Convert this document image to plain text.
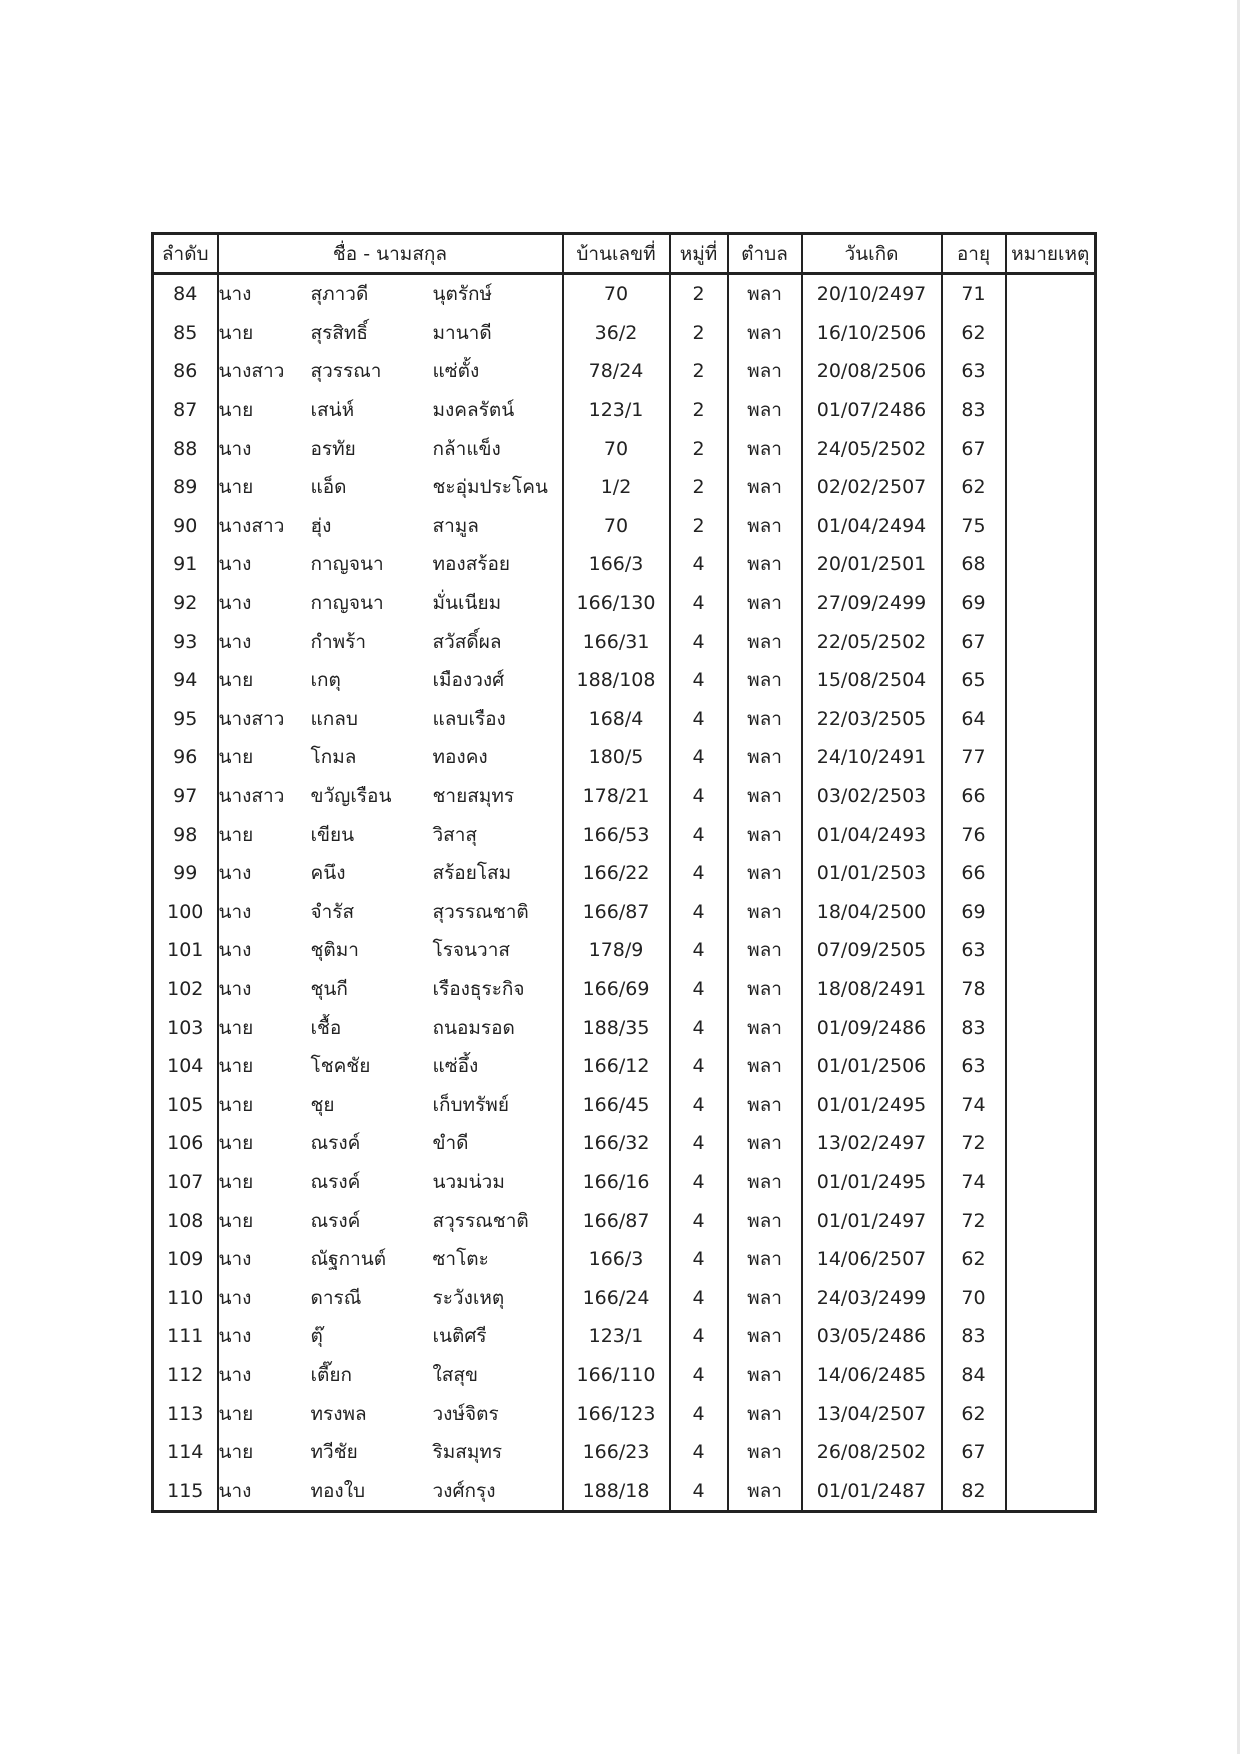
ลำดับ	ชื่อ - นามสกุล			บ้านเลขที่	หมู่ที่	ตำบล	วันเกิด	อายุ	หมายเหตุ
84	นาง	สุภาวดี	นุตรักษ์	70	2	พลา	20/10/2497	71	
85	นาย	สุรสิทธิ์	มานาดี	36/2	2	พลา	16/10/2506	62	
86	นางสาว	สุวรรณา	แซ่ตั้ง	78/24	2	พลา	20/08/2506	63	
87	นาย	เสน่ห์	มงคลรัตน์	123/1	2	พลา	01/07/2486	83	
88	นาง	อรทัย	กล้าแข็ง	70	2	พลา	24/05/2502	67	
89	นาย	แอ็ด	ชะอุ่มประโคน	1/2	2	พลา	02/02/2507	62	
90	นางสาว	ฮุ่ง	สามูล	70	2	พลา	01/04/2494	75	
91	นาง	กาญจนา	ทองสร้อย	166/3	4	พลา	20/01/2501	68	
92	นาง	กาญจนา	มั่นเนียม	166/130	4	พลา	27/09/2499	69	
93	นาง	กำพร้า	สวัสดิ์ผล	166/31	4	พลา	22/05/2502	67	
94	นาย	เกตุ	เมืองวงศ์	188/108	4	พลา	15/08/2504	65	
95	นางสาว	แกลบ	แลบเรือง	168/4	4	พลา	22/03/2505	64	
96	นาย	โกมล	ทองคง	180/5	4	พลา	24/10/2491	77	
97	นางสาว	ขวัญเรือน	ชายสมุทร	178/21	4	พลา	03/02/2503	66	
98	นาย	เขียน	วิสาสุ	166/53	4	พลา	01/04/2493	76	
99	นาง	คนึง	สร้อยโสม	166/22	4	พลา	01/01/2503	66	
100	นาง	จำรัส	สุวรรณชาติ	166/87	4	พลา	18/04/2500	69	
101	นาง	ชุติมา	โรจนวาส	178/9	4	พลา	07/09/2505	63	
102	นาง	ชุนกี	เรืองธุระกิจ	166/69	4	พลา	18/08/2491	78	
103	นาย	เชื้อ	ถนอมรอด	188/35	4	พลา	01/09/2486	83	
104	นาย	โชคชัย	แซ่อึ้ง	166/12	4	พลา	01/01/2506	63	
105	นาย	ชุย	เก็บทรัพย์	166/45	4	พลา	01/01/2495	74	
106	นาย	ณรงค์	ขำดี	166/32	4	พลา	13/02/2497	72	
107	นาย	ณรงค์	นวมน่วม	166/16	4	พลา	01/01/2495	74	
108	นาย	ณรงค์	สวุรรณชาติ	166/87	4	พลา	01/01/2497	72	
109	นาง	ณัฐกานต์	ซาโตะ	166/3	4	พลา	14/06/2507	62	
110	นาง	ดารณี	ระวังเหตุ	166/24	4	พลา	24/03/2499	70	
111	นาง	ตุ๊	เนติศรี	123/1	4	พลา	03/05/2486	83	
112	นาง	เตี๊ยก	ใสสุข	166/110	4	พลา	14/06/2485	84	
113	นาย	ทรงพล	วงษ์จิตร	166/123	4	พลา	13/04/2507	62	
114	นาย	ทวีชัย	ริมสมุทร	166/23	4	พลา	26/08/2502	67	
115	นาง	ทองใบ	วงศ์กรุง	188/18	4	พลา	01/01/2487	82	
